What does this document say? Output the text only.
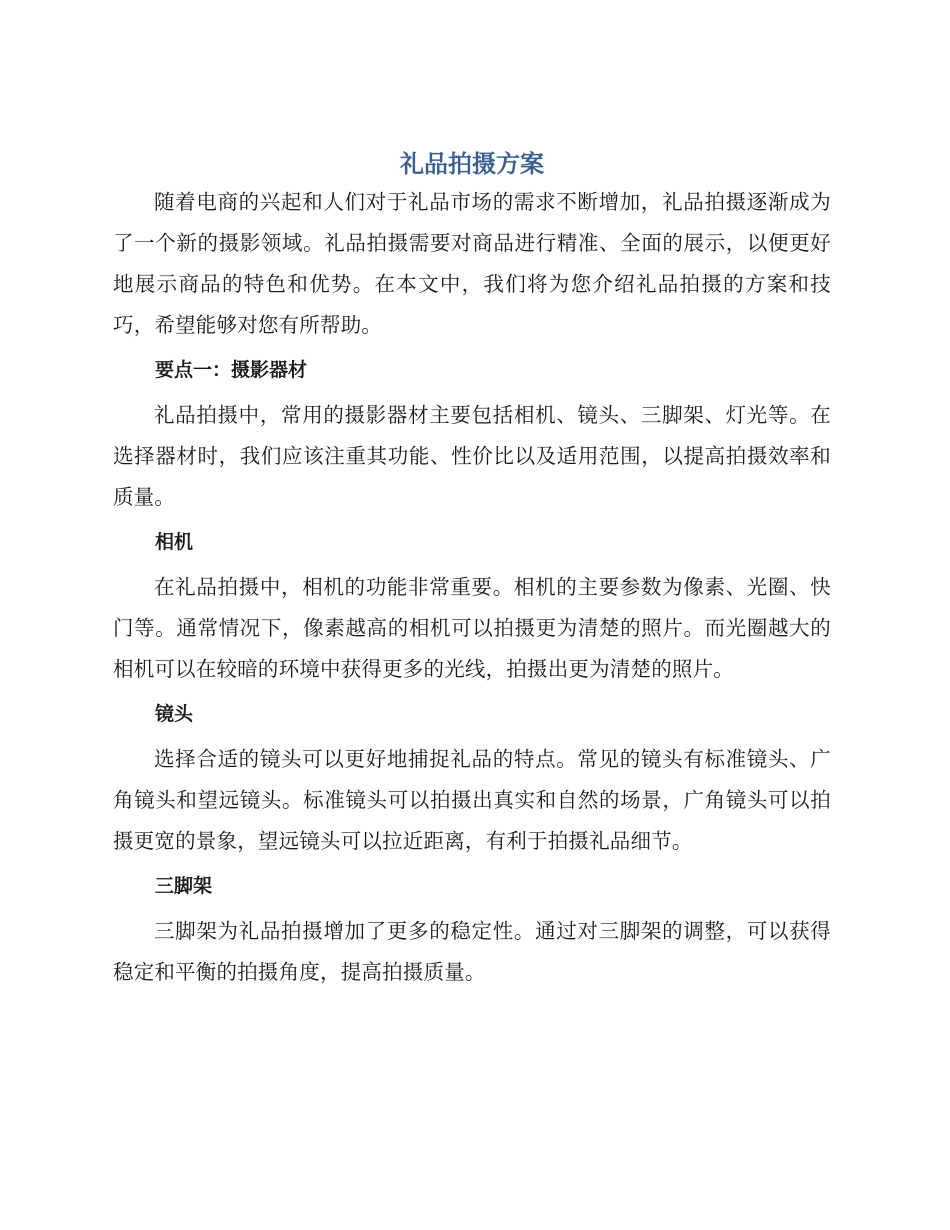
礼品拍摄方案

随着电商的兴起和人们对于礼品市场的需求不断增加，礼品拍摄逐渐成为了一个新的摄影领域。礼品拍摄需要对商品进行精准、全面的展示，以便更好地展示商品的特色和优势。在本文中，我们将为您介绍礼品拍摄的方案和技巧，希望能够对您有所帮助。

要点一：摄影器材

礼品拍摄中，常用的摄影器材主要包括相机、镜头、三脚架、灯光等。在选择器材时，我们应该注重其功能、性价比以及适用范围，以提高拍摄效率和质量。

相机

在礼品拍摄中，相机的功能非常重要。相机的主要参数为像素、光圈、快门等。通常情况下，像素越高的相机可以拍摄更为清楚的照片。而光圈越大的相机可以在较暗的环境中获得更多的光线，拍摄出更为清楚的照片。

镜头

选择合适的镜头可以更好地捕捉礼品的特点。常见的镜头有标准镜头、广角镜头和望远镜头。标准镜头可以拍摄出真实和自然的场景，广角镜头可以拍摄更宽的景象，望远镜头可以拉近距离，有利于拍摄礼品细节。

三脚架

三脚架为礼品拍摄增加了更多的稳定性。通过对三脚架的调整，可以获得稳定和平衡的拍摄角度，提高拍摄质量。
